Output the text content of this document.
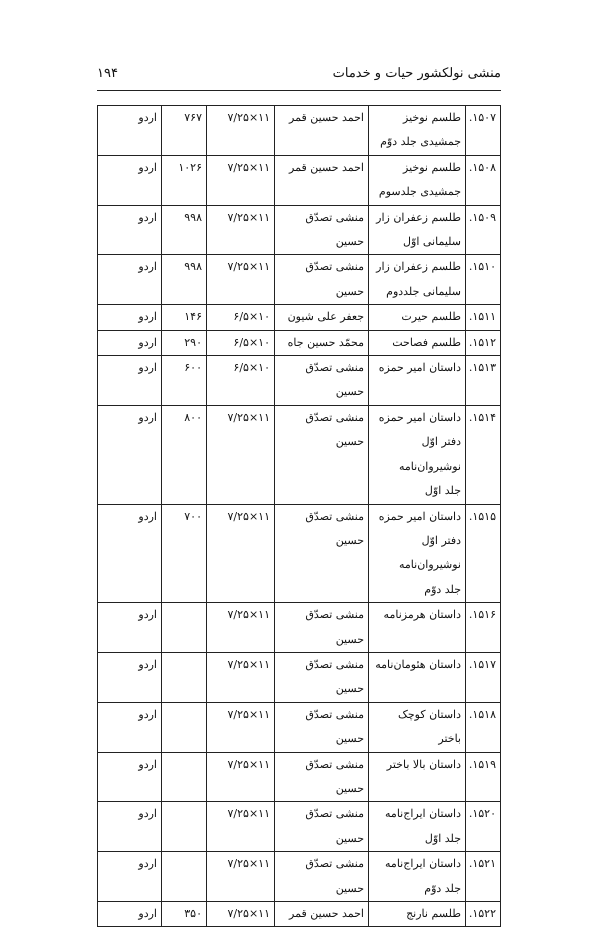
منشی نولکشور حیات و خدمات
۱۹۴
۱۵۰۷.	طلسم نوخیز
جمشیدی جلد دوّم	احمد حسین قمر	۱۱×۷/۲۵	۷۶۷	اردو
۱۵۰۸.	طلسم نوخیز
جمشیدی جلدسوم	احمد حسین قمر	۱۱×۷/۲۵	۱۰۲۶	اردو
۱۵۰۹.	طلسم زعفران زار
سلیمانی اوّل	منشی تصدّق حسین	۱۱×۷/۲۵	۹۹۸	اردو
۱۵۱۰.	طلسم زعفران زار
سلیمانی جلددوم	منشی تصدّق حسین	۱۱×۷/۲۵	۹۹۸	اردو
۱۵۱۱.	طلسم حیرت	جعفر علی شیون	۱۰×۶/۵	۱۴۶	اردو
۱۵۱۲.	طلسم فصاحت	محمّد حسین جاه	۱۰×۶/۵	۲۹۰	اردو
۱۵۱۳.	داستان امیر حمزه	منشی تصدّق حسین	۱۰×۶/۵	۶۰۰	اردو
۱۵۱۴.	داستان امیر حمزه
دفتر اوّل نوشیروان‌نامه
جلد اوّل	منشی تصدّق حسین	۱۱×۷/۲۵	۸۰۰	اردو
۱۵۱۵.	داستان امیر حمزه
دفتر اوّل نوشیروان‌نامه
جلد دوّم	منشی تصدّق حسین	۱۱×۷/۲۵	۷۰۰	اردو
۱۵۱۶.	داستان هرمزنامه	منشی تصدّق حسین	۱۱×۷/۲۵		اردو
۱۵۱۷.	داستان هئومان‌نامه	منشی تصدّق حسین	۱۱×۷/۲۵		اردو
۱۵۱۸.	داستان کوچک باختر	منشی تصدّق حسین	۱۱×۷/۲۵		اردو
۱۵۱۹.	داستان بالا باختر	منشی تصدّق حسین	۱۱×۷/۲۵		اردو
۱۵۲۰.	داستان ایراج‌نامه
جلد اوّل	منشی تصدّق حسین	۱۱×۷/۲۵		اردو
۱۵۲۱.	داستان ایراج‌نامه
جلد دوّم	منشی تصدّق حسین	۱۱×۷/۲۵		اردو
۱۵۲۲.	طلسم نارنج	احمد حسین قمر	۱۱×۷/۲۵	۳۵۰	اردو
